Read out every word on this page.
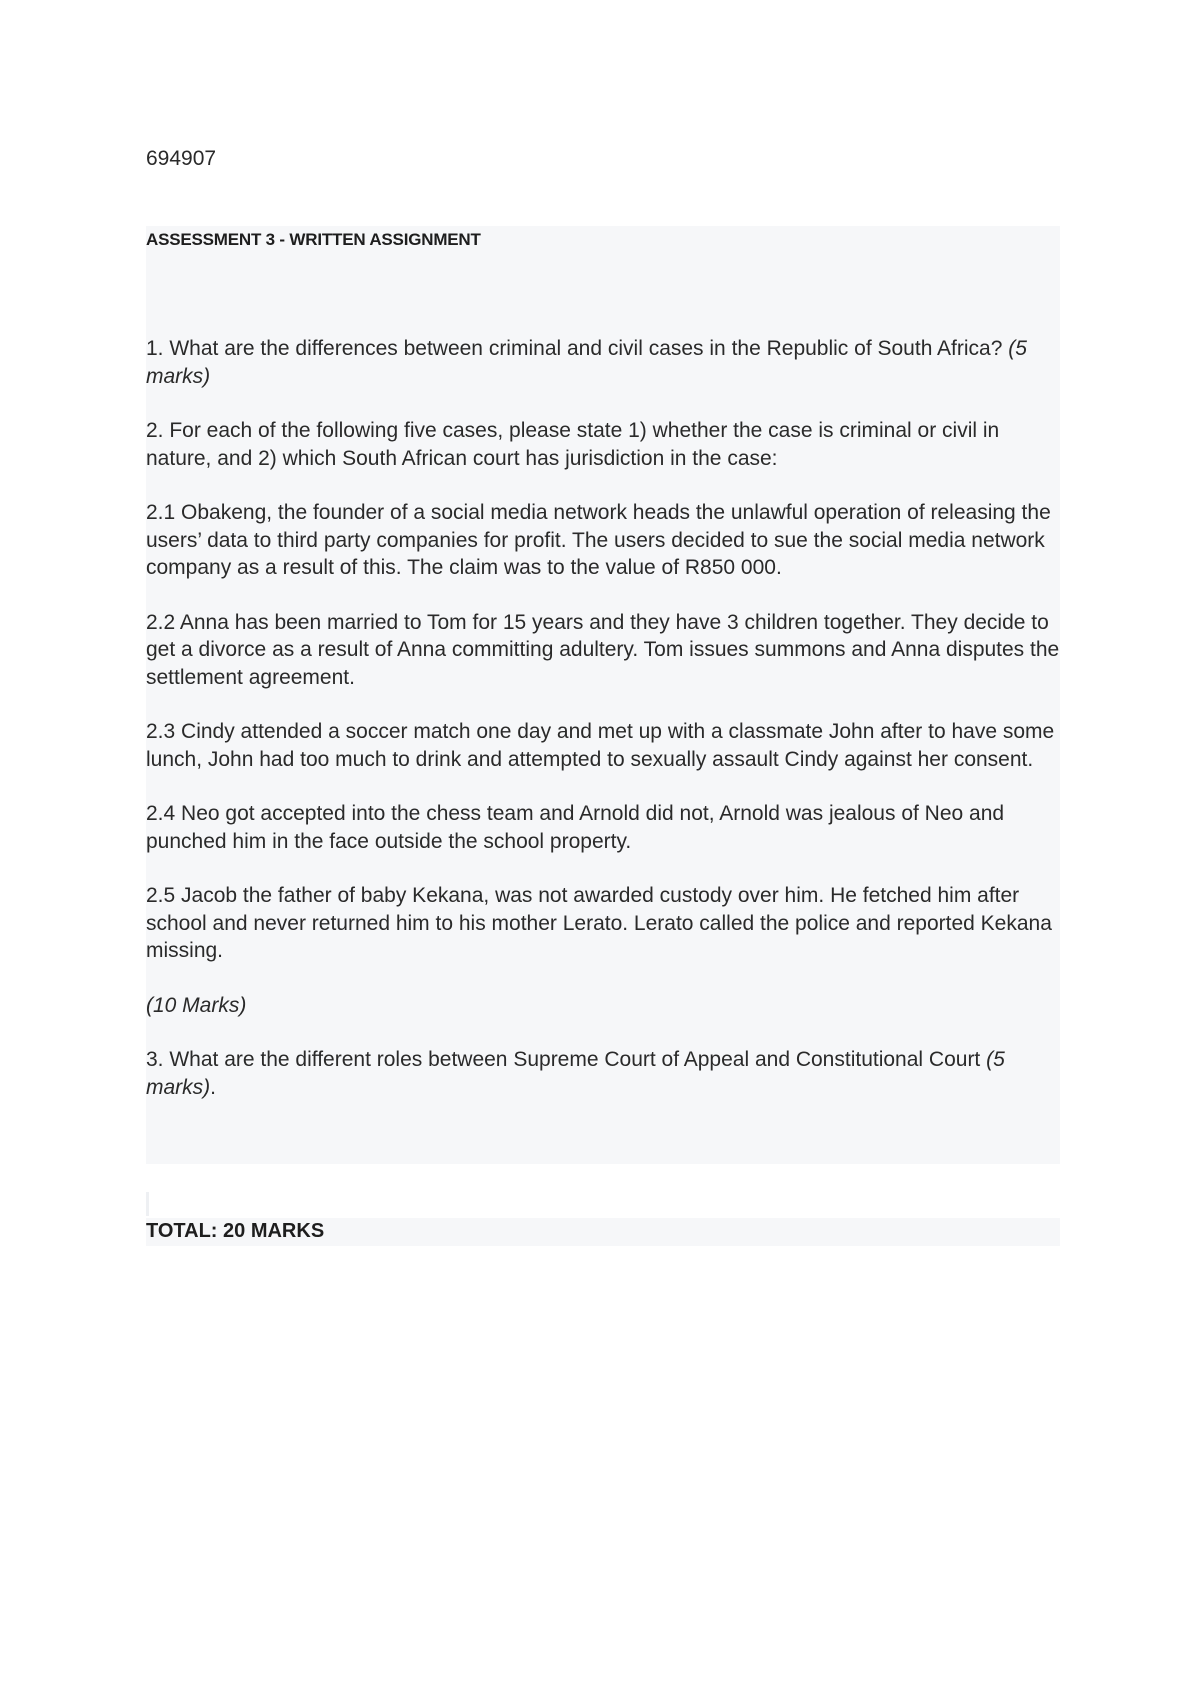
694907
ASSESSMENT 3 - WRITTEN ASSIGNMENT

1. What are the differences between criminal and civil cases in the Republic of South Africa? (5 marks)

2. For each of the following five cases, please state 1) whether the case is criminal or civil in nature, and 2) which South African court has jurisdiction in the case:

2.1 Obakeng, the founder of a social media network heads the unlawful operation of releasing the users’ data to third party companies for profit. The users decided to sue the social media network company as a result of this. The claim was to the value of R850 000.

2.2 Anna has been married to Tom for 15 years and they have 3 children together. They decide to get a divorce as a result of Anna committing adultery. Tom issues summons and Anna disputes the settlement agreement.

2.3 Cindy attended a soccer match one day and met up with a classmate John after to have some lunch, John had too much to drink and attempted to sexually assault Cindy against her consent.

2.4 Neo got accepted into the chess team and Arnold did not, Arnold was jealous of Neo and punched him in the face outside the school property.

2.5 Jacob the father of baby Kekana, was not awarded custody over him. He fetched him after school and never returned him to his mother Lerato. Lerato called the police and reported Kekana missing.

(10 Marks)

3. What are the different roles between Supreme Court of Appeal and Constitutional Court (5 marks).

TOTAL: 20 MARKS
